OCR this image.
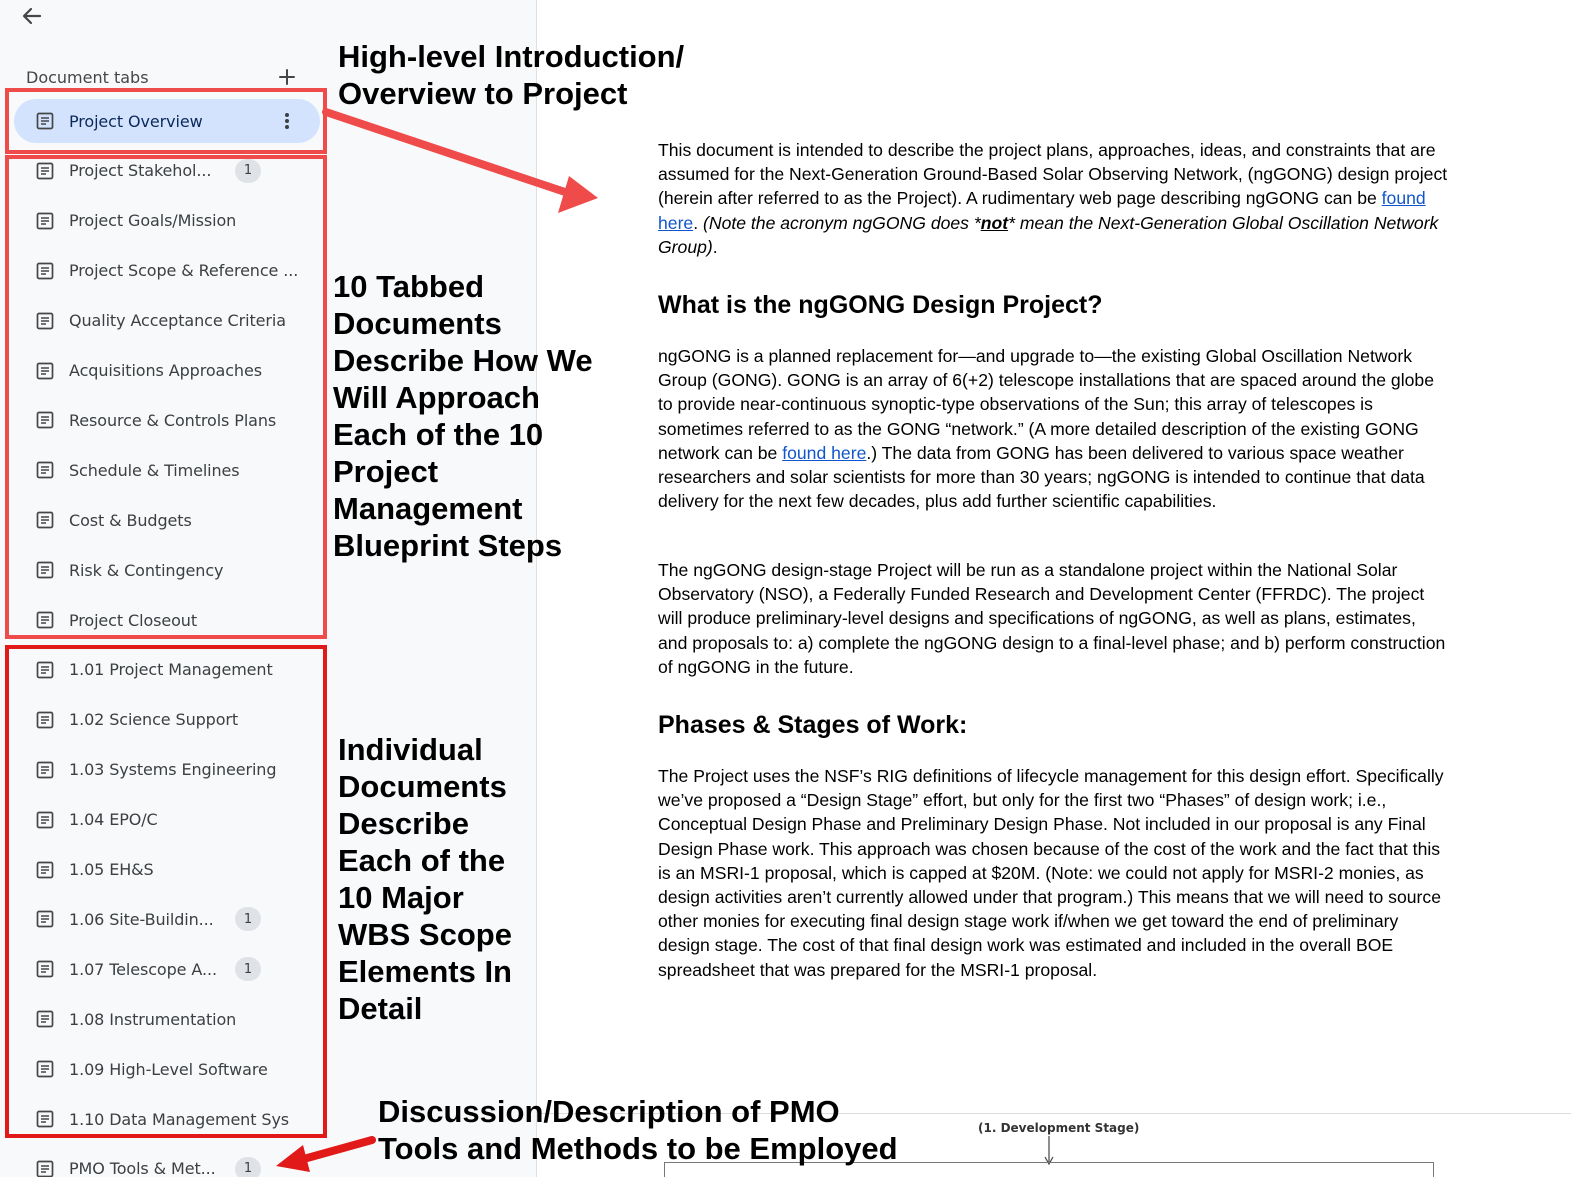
Document tabs
Project Overview
Project Stakehol...	1
Project Goals/Mission
Project Scope & Reference ...
Quality Acceptance Criteria
Acquisitions Approaches
Resource & Controls Plans
Schedule & Timelines
Cost & Budgets
Risk & Contingency
Project Closeout
1.01 Project Management
1.02 Science Support
1.03 Systems Engineering
1.04 EPO/C
1.05 EH&S
1.06 Site-Buildin...	1
1.07 Telescope A...	1
1.08 Instrumentation
1.09 High-Level Software
1.10 Data Management Sys
PMO Tools & Met...	1

This document is intended to describe the project plans, approaches, ideas, and constraints that are assumed for the Next-Generation Ground-Based Solar Observing Network, (ngGONG) design project (herein after referred to as the Project). A rudimentary web page describing ngGONG can be found here. (Note the acronym ngGONG does *not* mean the Next-Generation Global Oscillation Network Group).

What is the ngGONG Design Project?

ngGONG is a planned replacement for—and upgrade to—the existing Global Oscillation Network Group (GONG). GONG is an array of 6(+2) telescope installations that are spaced around the globe to provide near-continuous synoptic-type observations of the Sun; this array of telescopes is sometimes referred to as the GONG “network.” (A more detailed description of the existing GONG network can be found here.) The data from GONG has been delivered to various space weather researchers and solar scientists for more than 30 years; ngGONG is intended to continue that data delivery for the next few decades, plus add further scientific capabilities.

The ngGONG design-stage Project will be run as a standalone project within the National Solar Observatory (NSO), a Federally Funded Research and Development Center (FFRDC). The project will produce preliminary-level designs and specifications of ngGONG, as well as plans, estimates, and proposals to: a) complete the ngGONG design to a final-level phase; and b) perform construction of ngGONG in the future.

Phases & Stages of Work:

The Project uses the NSF’s RIG definitions of lifecycle management for this design effort. Specifically we’ve proposed a “Design Stage” effort, but only for the first two “Phases” of design work; i.e., Conceptual Design Phase and Preliminary Design Phase. Not included in our proposal is any Final Design Phase work. This approach was chosen because of the cost of the work and the fact that this is an MSRI-1 proposal, which is capped at $20M. (Note: we could not apply for MSRI-2 monies, as design activities aren’t currently allowed under that program.) This means that we will need to source other monies for executing final design stage work if/when we get toward the end of preliminary design stage. The cost of that final design work was estimated and included in the overall BOE spreadsheet that was prepared for the MSRI-1 proposal.

(1. Development Stage)
High-level Introduction/
Overview to Project
10 Tabbed
Documents
Describe How We
Will Approach
Each of the 10
Project
Management
Blueprint Steps
Individual
Documents
Describe
Each of the
10 Major
WBS Scope
Elements In
Detail
Discussion/Description of PMO
Tools and Methods to be Employed
